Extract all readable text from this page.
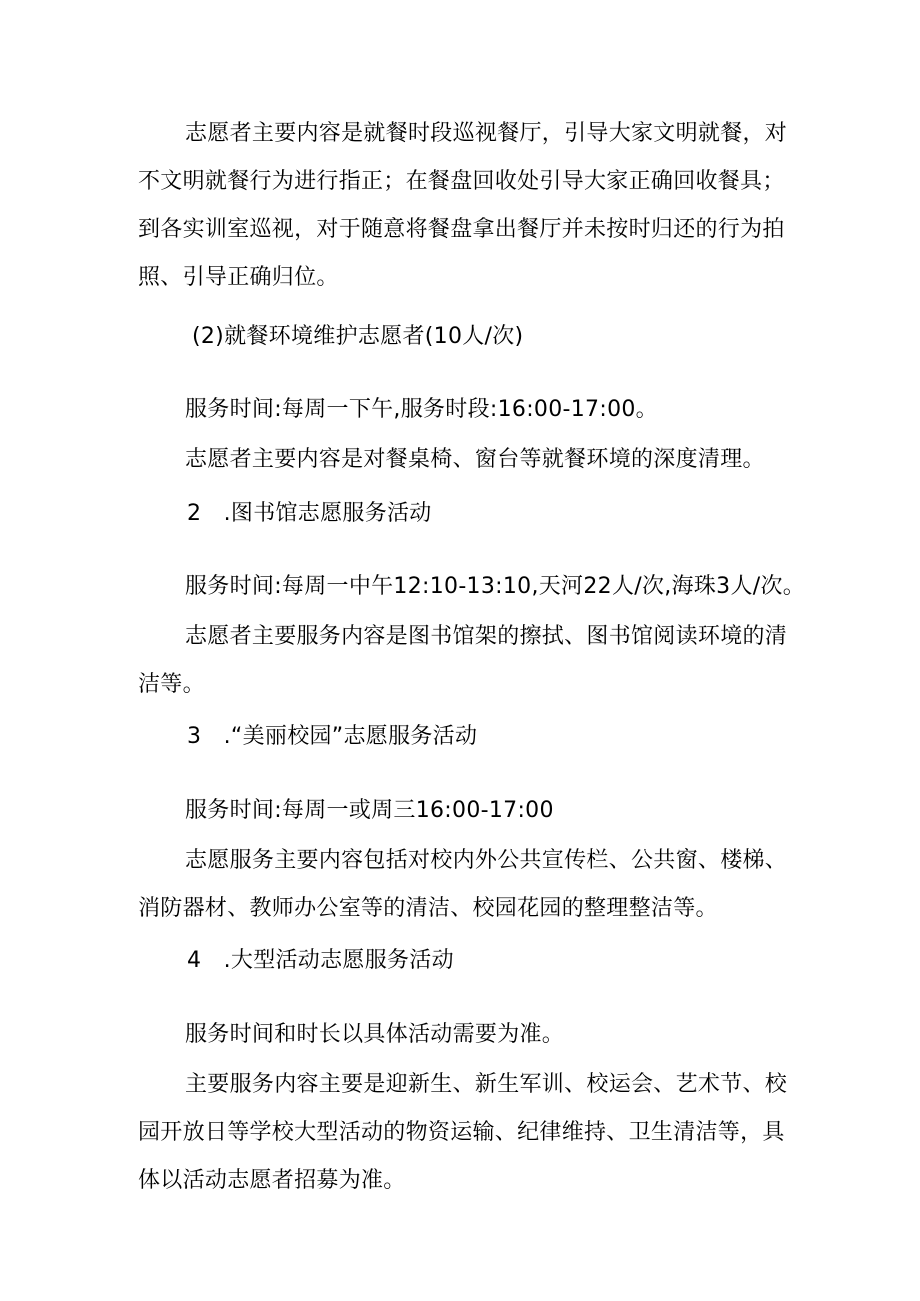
志愿者主要内容是就餐时段巡视餐厅，引导大家文明就餐，对不文明就餐行为进行指正；在餐盘回收处引导大家正确回收餐具；到各实训室巡视，对于随意将餐盘拿出餐厅并未按时归还的行为拍照、引导正确归位。
(2)就餐环境维护志愿者(10人/次)
服务时间:每周一下午,服务时段:16:00-17:00。
志愿者主要内容是对餐桌椅、窗台等就餐环境的深度清理。
2 .图书馆志愿服务活动
服务时间:每周一中午12:10-13:10,天河22人/次,海珠3人/次。
志愿者主要服务内容是图书馆架的擦拭、图书馆阅读环境的清洁等。
3 .“美丽校园”志愿服务活动
服务时间:每周一或周三16:00-17:00
志愿服务主要内容包括对校内外公共宣传栏、公共窗、楼梯、消防器材、教师办公室等的清洁、校园花园的整理整洁等。
4 .大型活动志愿服务活动
服务时间和时长以具体活动需要为准。
主要服务内容主要是迎新生、新生军训、校运会、艺术节、校园开放日等学校大型活动的物资运输、纪律维持、卫生清洁等，具体以活动志愿者招募为准。
